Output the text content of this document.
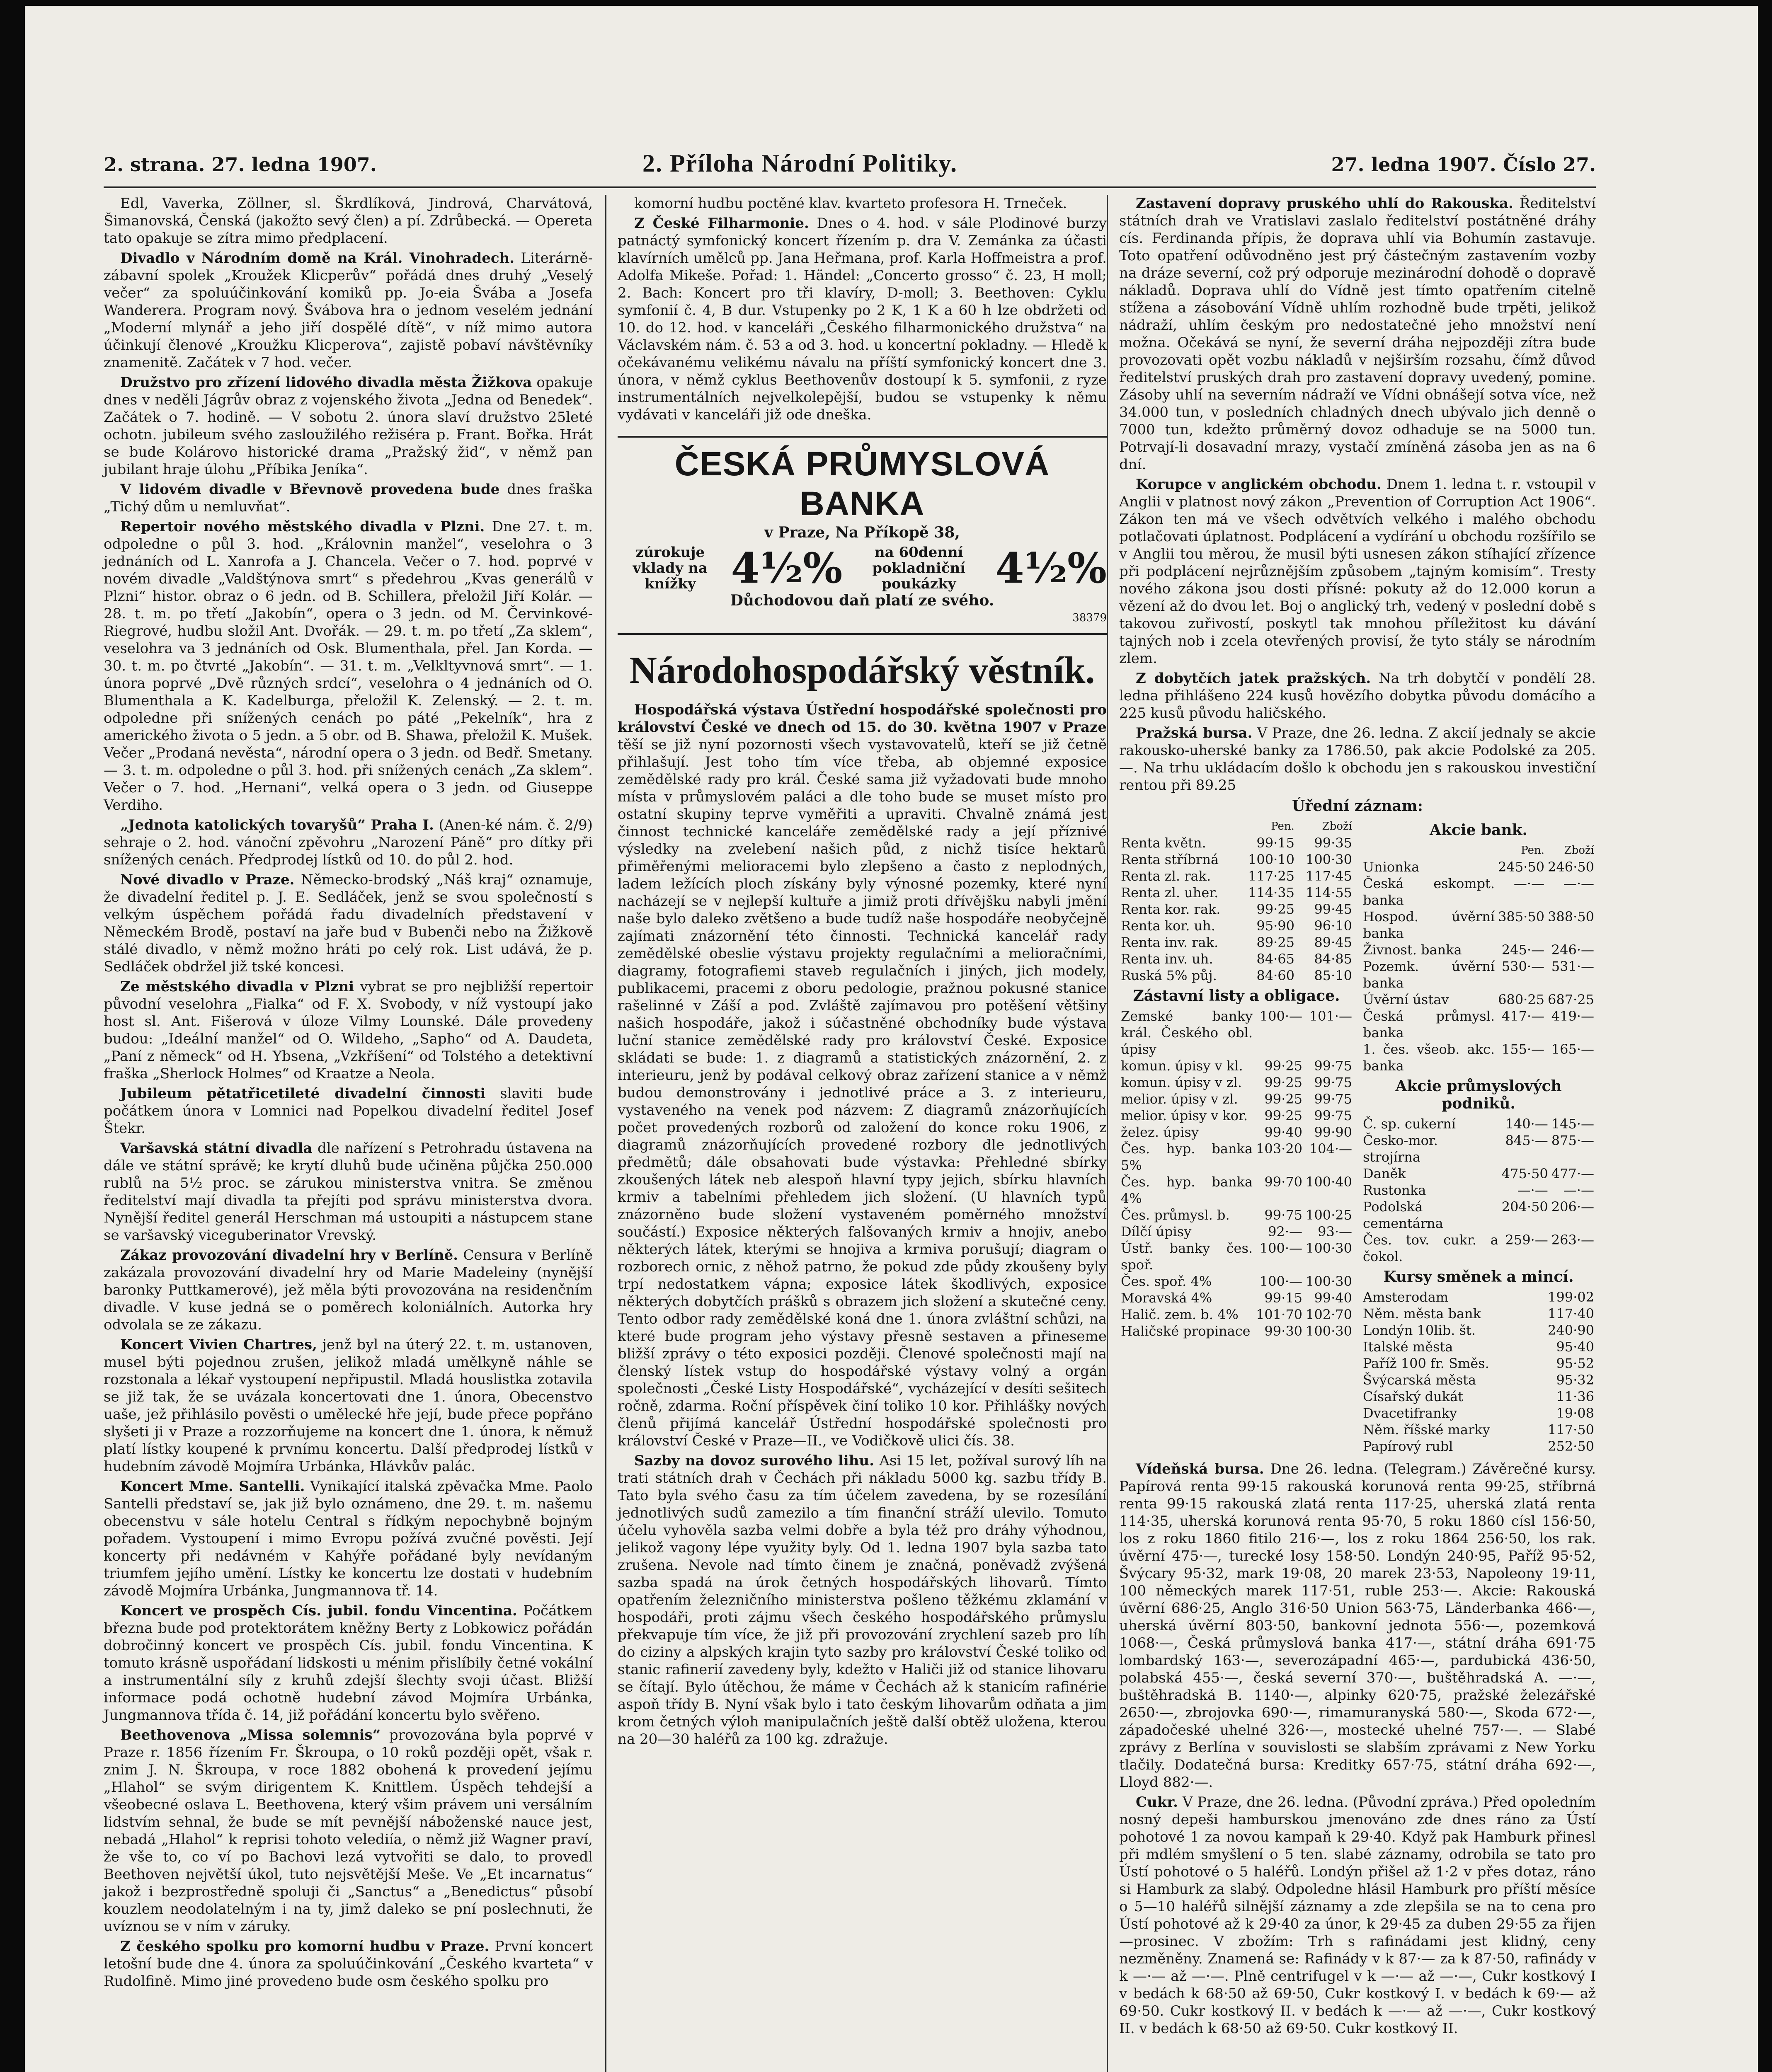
2. strana. 27. ledna 1907.	2. Příloha Národní Politiky.	27. ledna 1907. Číslo 27.

Edl, Vaverka, Zöllner, sl. Škrdlíková, Jindrová, Charvátová, Šimanovská, Čenská (jakožto sevý člen) a pí. Zdrůbecká. — Opereta tato opakuje se zítra mimo předplacení.

Divadlo v Národním domě na Král. Vinohradech. Literárně-zábavní spolek „Kroužek Klicperův“ pořádá dnes druhý „Veselý večer“ za spoluúčinkování komiků pp. Jo-eia Švába a Josefa Wanderera. Program nový. Švábova hra o jednom veselém jednání „Moderní mlynář a jeho jiří dospělé dítě“, v níž mimo autora účinkují členové „Kroužku Klicperova“, zajistě pobaví návštěvníky znamenitě. Začátek v 7 hod. večer.

Družstvo pro zřízení lidového divadla města Žižkova opakuje dnes v neděli Jágrův obraz z vojenského života „Jedna od Benedek“. Začátek o 7. hodině. — V sobotu 2. února slaví družstvo 25leté ochotn. jubileum svého zasloužilého režiséra p. Frant. Bořka. Hrát se bude Kolárovo historické drama „Pražský žid“, v němž pan jubilant hraje úlohu „Příbika Jeníka“.

V lidovém divadle v Břevnově provedena bude dnes fraška „Tichý dům u nemluvňat“.

Repertoir nového městského divadla v Plzni. Dne 27. t. m. odpoledne o půl 3. hod. „Královnin manžel“, veselohra o 3 jednáních od L. Xanrofa a J. Chancela. Večer o 7. hod. poprvé v novém divadle „Valdštýnova smrt“ s předehrou „Kvas generálů v Plzni“ histor. obraz o 6 jedn. od B. Schillera, přeložil Jiří Kolár. — 28. t. m. po třetí „Jakobín“, opera o 3 jedn. od M. Červinkové-Riegrové, hudbu složil Ant. Dvořák. — 29. t. m. po třetí „Za sklem“, veselohra va 3 jednáních od Osk. Blumenthala, přel. Jan Korda. — 30. t. m. po čtvrté „Jakobín“. — 31. t. m. „Velkltyvnová smrt“. — 1. února poprvé „Dvě různých srdcí“, veselohra o 4 jednáních od O. Blumenthala a K. Kadelburga, přeložil K. Zelenský. — 2. t. m. odpoledne při snížených cenách po páté „Pekelník“, hra z amerického života o 5 jedn. a 5 obr. od B. Shawa, přeložil K. Mušek. Večer „Prodaná nevěsta“, národní opera o 3 jedn. od Bedř. Smetany. — 3. t. m. odpoledne o půl 3. hod. při snížených cenách „Za sklem“. Večer o 7. hod. „Hernani“, velká opera o 3 jedn. od Giuseppe Verdiho.

„Jednota katolických tovaryšů“ Praha I. (Anen-ké nám. č. 2/9) sehraje o 2. hod. vánoční zpěvohru „Narození Páně“ pro dítky při snížených cenách. Předprodej lístků od 10. do půl 2. hod.

Nové divadlo v Praze. Německo-brodský „Náš kraj“ oznamuje, že divadelní ředitel p. J. E. Sedláček, jenž se svou společností s velkým úspěchem pořádá řadu divadelních představení v Německém Brodě, postaví na jaře bud v Bubenči nebo na Žižkově stálé divadlo, v němž možno hráti po celý rok. List udává, že p. Sedláček obdržel již tské koncesi.

Ze městského divadla v Plzni vybrat se pro nejbližší repertoir původní veselohra „Fialka“ od F. X. Svobody, v níž vystoupí jako host sl. Ant. Fišerová v úloze Vilmy Lounské. Dále provedeny budou: „Ideální manžel“ od O. Wildeho, „Sapho“ od A. Daudeta, „Paní z německ“ od H. Ybsena, „Vzkříšení“ od Tolstého a detektivní fraška „Sherlock Holmes“ od Kraatze a Neola.

Jubileum pětatřicetileté divadelní činnosti slaviti bude počátkem února v Lomnici nad Popelkou divadelní ředitel Josef Štekr.

Varšavská státní divadla dle nařízení s Petrohradu ústavena na dále ve státní správě; ke krytí dluhů bude učiněna půjčka 250.000 rublů na 5½ proc. se zárukou ministerstva vnitra. Se změnou ředitelství mají divadla ta přejíti pod správu ministerstva dvora. Nynější ředitel generál Herschman má ustoupiti a nástupcem stane se varšavský viceguberinator Vrevský.

Zákaz provozování divadelní hry v Berlíně. Censura v Berlíně zakázala provozování divadelní hry od Marie Madeleiny (nynější baronky Puttkamerové), jež měla býti provozována na residenčním divadle. V kuse jedná se o poměrech koloniálních. Autorka hry odvolala se ze zákazu.

Koncert Vivien Chartres, jenž byl na úterý 22. t. m. ustanoven, musel býti pojednou zrušen, jelikož mladá umělkyně náhle se rozstonala a lékař vystoupení nepřipustil. Mladá houslistka zotavila se již tak, že se uvázala koncertovati dne 1. února, Obecenstvo uaše, jež přihlásilo pověsti o umělecké hře její, bude přece popřáno slyšeti ji v Praze a rozzorňujeme na koncert dne 1. února, k němuž platí lístky koupené k prvnímu koncertu. Další předprodej lístků v hudebním závodě Mojmíra Urbánka, Hlávkův palác.

Koncert Mme. Santelli. Vynikající italská zpěvačka Mme. Paolo Santelli představí se, jak již bylo oznámeno, dne 29. t. m. našemu obecenstvu v sále hotelu Central s řídkým nepochybně bojným pořadem. Vystoupení i mimo Evropu požívá zvučné pověsti. Její koncerty při nedávném v Kahýře pořádané byly nevídaným triumfem jejího umění. Lístky ke koncertu lze dostati v hudebním závodě Mojmíra Urbánka, Jungmannova tř. 14.

Koncert ve prospěch Cís. jubil. fondu Vincentina. Počátkem března bude pod protektorátem kněžny Berty z Lobkowicz pořádán dobročinný koncert ve prospěch Cís. jubil. fondu Vincentina. K tomuto krásně uspořádaní lidskosti u ménim přislíbily četné vokální a instrumentální síly z kruhů zdejší šlechty svoji účast. Bližší informace podá ochotně hudební závod Mojmíra Urbánka, Jungmannova třída č. 14, již pořádání koncertu bylo svěřeno.

Beethovenova „Missa solemnis“ provozována byla poprvé v Praze r. 1856 řízením Fr. Škroupa, o 10 roků později opět, však r. znim J. N. Škroupa, v roce 1882 obohená k provedení jejímu „Hlahol“ se svým dirigentem K. Knittlem. Úspěch tehdejší a všeobecné oslava L. Beethovena, který všim právem uni versálním lidstvím sehnal, že bude se mít pevnější náboženské nauce jest, nebadá „Hlahol“ k reprisi tohoto velediía, o němž již Wagner praví, že vše to, co ví po Bachovi lezá vytvořiti se dalo, to provedl Beethoven největší úkol, tuto nejsvětější Meše. Ve „Et incarnatus“ jakož i bezprostředně spoluji či „Sanctus“ a „Benedictus“ působí kouzlem neodolatelným i na ty, jimž daleko se pní poslechnuti, že uvíznou se v ním v záruky.

Z českého spolku pro komorní hudbu v Praze. První koncert letošní bude dne 4. února za spoluúčinkování „Českého kvarteta“ v Rudolfině. Mimo jiné provedeno bude osm českého spolku pro

komorní hudbu poctěné klav. kvarteto profesora H. Trneček.

Z České Filharmonie. Dnes o 4. hod. v sále Plodinové burzy patnáctý symfonický koncert řízením p. dra V. Zemánka za účasti klavírních umělců pp. Jana Heřmana, prof. Karla Hoffmeistra a prof. Adolfa Mikeše. Pořad: 1. Händel: „Concerto grosso“ č. 23, H moll; 2. Bach: Koncert pro tři klavíry, D-moll; 3. Beethoven: Cyklu symfonií č. 4, B dur. Vstupenky po 2 K, 1 K a 60 h lze obdržeti od 10. do 12. hod. v kanceláři „Českého filharmonického družstva“ na Václavském nám. č. 53 a od 3. hod. u koncertní pokladny. — Hledě k očekávanému velikému návalu na příští symfonický koncert dne 3. února, v němž cyklus Beethovenův dostoupí k 5. symfonii, z ryze instrumentálních nejvelkolepější, budou se vstupenky k němu vydávati v kanceláři již ode dneška.

ČESKÁ PRŮMYSLOVÁ BANKA
v Praze, Na Příkopě 38,
zúrokuje vklady na knížky 4½%	na 60denní pokladniční poukázky 4½%
Důchodovou daň platí ze svého.
38379
Národohospodářský věstník.

Hospodářská výstava Ústřední hospodářské společnosti pro království České ve dnech od 15. do 30. května 1907 v Praze těší se již nyní pozornosti všech vystavovatelů, kteří se již četně přihlašují. Jest toho tím více třeba, ab objemné exposice zemědělské rady pro král. České sama již vyžadovati bude mnoho místa v průmyslovém paláci a dle toho bude se muset místo pro ostatní skupiny teprve vyměřiti a upraviti. Chvalně známá jest činnost technické kanceláře zemědělské rady a její příznivé výsledky na zvelebení našich půd, z nichž tisíce hektarů přiměřenými melioracemi bylo zlepšeno a často z neplodných, ladem ležících ploch získány byly výnosné pozemky, které nyní nacházejí se v nejlepší kultuře a jimiž proti dřívějšku nabyli jmění naše bylo daleko zvětšeno a bude tudíž naše hospodáře neobyčejně zajímati znázornění této činnosti. Technická kancelář rady zemědělské obeslie výstavu projekty regulačními a melioračními, diagramy, fotografiemi staveb regulačních i jiných, jich modely, publikacemi, pracemi z oboru pedologie, pražnou pokusné stanice rašelinné v Záší a pod. Zvláště zajímavou pro potěšení většiny našich hospodáře, jakož i súčastněné obchodníky bude výstava luční stanice zemědělské rady pro království České. Exposice skládati se bude: 1. z diagramů a statistických znázornění, 2. z interieuru, jenž by podával celkový obraz zařízení stanice a v němž budou demonstrovány i jednotlivé práce a 3. z interieuru, vystaveného na venek pod názvem: Z diagramů znázorňujících počet provedených rozborů od založení do konce roku 1906, z diagramů znázorňujících provedené rozbory dle jednotlivých předmětů; dále obsahovati bude výstavka: Přehledné sbírky zkoušených látek neb alespoň hlavní typy jejich, sbírku hlavních krmiv a tabelními přehledem jich složení. (U hlavních typů znázorněno bude složení vystaveném poměrného množství součástí.) Exposice některých falšovaných krmiv a hnojiv, anebo některých látek, kterými se hnojiva a krmiva porušují; diagram o rozborech ornic, z něhož patrno, že pokud zde půdy zkoušeny byly trpí nedostatkem vápna; exposice látek škodlivých, exposice některých dobytčích prášků s obrazem jich složení a skutečné ceny. Tento odbor rady zemědělské koná dne 1. února zvláštní schůzi, na které bude program jeho výstavy přesně sestaven a přineseme bližší zprávy o této exposici později. Členové společnosti mají na členský lístek vstup do hospodářské výstavy volný a orgán společnosti „České Listy Hospodářské“, vycházející v desíti sešitech ročně, zdarma. Roční příspěvek činí toliko 10 kor. Přihlášky nových členů přijímá kancelář Ústřední hospodářské společnosti pro království České v Praze—II., ve Vodičkově ulici čís. 38.

Sazby na dovoz surového lihu. Asi 15 let, požíval surový líh na trati státních drah v Čechách při nákladu 5000 kg. sazbu třídy B. Tato byla svého času za tím účelem zavedena, by se rozesílání jednotlivých sudů zamezilo a tím finanční stráží ulevilo. Tomuto účelu vyhověla sazba velmi dobře a byla též pro dráhy výhodnou, jelikož vagony lépe využity byly. Od 1. ledna 1907 byla sazba tato zrušena. Nevole nad tímto činem je značná, poněvadž zvýšená sazba spadá na úrok četných hospodářských lihovarů. Tímto opatřením železničního ministerstva pošleno těžkému zklamání v hospodáři, proti zájmu všech českého hospodářského průmyslu překvapuje tím více, že již při provozování zrychlení sazeb pro líh do ciziny a alpských krajin tyto sazby pro království České toliko od stanic rafinerií zavedeny byly, kdežto v Haliči již od stanice lihovaru se čítají. Bylo útěchou, že máme v Čechách až k stanicím rafinérie aspoň třídy B. Nyní však bylo i tato českým lihovarům odňata a jim krom četných výloh manipulačních ještě další obtěž uložena, kterou na 20—30 haléřů za 100 kg. zdražuje.

Zastavení dopravy pruského uhlí do Rakouska. Ředitelství státních drah ve Vratislavi zaslalo ředitelství postátněné dráhy cís. Ferdinanda přípis, že doprava uhlí via Bohumín zastavuje. Toto opatření odůvodněno jest prý částečným zastavením vozby na dráze severní, což prý odporuje mezinárodní dohodě o dopravě nákladů. Doprava uhlí do Vídně jest tímto opatřením citelně stížena a zásobování Vídně uhlím rozhodně bude trpěti, jelikož nádraží, uhlím českým pro nedostatečné jeho množství není možna. Očekává se nyní, že severní dráha nejpozději zítra bude provozovati opět vozbu nákladů v nejširším rozsahu, čímž důvod ředitelství pruských drah pro zastavení dopravy uvedený, pomine. Zásoby uhlí na severním nádraží ve Vídni obnášejí sotva více, než 34.000 tun, v posledních chladných dnech ubývalo jich denně o 7000 tun, kdežto průměrný dovoz odhaduje se na 5000 tun. Potrvají-li dosavadní mrazy, vystačí zmíněná zásoba jen as na 6 dní.

Korupce v anglickém obchodu. Dnem 1. ledna t. r. vstoupil v Anglii v platnost nový zákon „Prevention of Corruption Act 1906“. Zákon ten má ve všech odvětvích velkého i malého obchodu potlačovati úplatnost. Podplácení a vydírání u obchodu rozšířilo se v Anglii tou měrou, že musil býti usnesen zákon stíhající zřízence při podplácení nejrůznějším způsobem „tajným komisím“. Tresty nového zákona jsou dosti přísné: pokuty až do 12.000 korun a vězení až do dvou let. Boj o anglický trh, vedený v poslední době s takovou zuřivostí, poskytl tak mnohou příležitost ku dávání tajných nob i zcela otevřených provisí, že tyto stály se národním zlem.

Z dobytčích jatek pražských. Na trh dobytčí v pondělí 28. ledna přihlášeno 224 kusů hovězího dobytka původu domácího a 225 kusů původu haličského.

Pražská bursa. V Praze, dne 26. ledna. Z akcií jednaly se akcie rakousko-uherské banky za 1786.50, pak akcie Podolské za 205.—. Na trhu ukládacím došlo k obchodu jen s rakouskou investiční rentou při 89.25

Úřední záznam:
	Pen.	Zboží
Renta květn.	99·15	99·35
Renta stříbrná	100·10	100·30
Renta zl. rak.	117·25	117·45
Renta zl. uher.	114·35	114·55
Renta kor. rak.	99·25	99·45
Renta kor. uh.	95·90	96·10
Renta inv. rak.	89·25	89·45
Renta inv. uh.	84·65	84·85
Ruská 5% půj.	84·60	85·10
Zástavní listy a obligace.
Zemské banky král. Českého obl. úpisy	100·—	101·—
komun. úpisy v kl.	99·25	99·75
komun. úpisy v zl.	99·25	99·75
melior. úpisy v zl.	99·25	99·75
melior. úpisy v kor.	99·25	99·75
želez. úpisy	99·40	99·90
Čes. hyp. banka 5%	103·20	104·—
Čes. hyp. banka 4%	99·70	100·40
Čes. průmysl. b.	99·75	100·25
Dílčí úpisy	92·—	93·—
Ústř. banky čes. spoř.	100·—	100·30
Čes. spoř. 4%	100·—	100·30
Moravská 4%	99·15	99·40
Halič. zem. b. 4%	101·70	102·70
Haličské propinace	99·30	100·30
Akcie bank.
	Pen.	Zboží
Unionka	245·50	246·50
Česká eskompt. banka	—·—	—·—
Hospod. úvěrní banka	385·50	388·50
Živnost. banka	245·—	246·—
Pozemk. úvěrní banka	530·—	531·—
Úvěrní ústav	680·25	687·25
Česká průmysl. banka	417·—	419·—
1. čes. všeob. akc. banka	155·—	165·—
Akcie průmyslových podniků.
Č. sp. cukerní	140·—	145·—
Česko-mor. strojírna	845·—	875·—
Daněk	475·50	477·—
Rustonka	—·—	—·—
Podolská cementárna	204·50	206·—
Čes. tov. cukr. a čokol.	259·—	263·—
Kursy směnek a mincí.
Amsterodam	199·02
Něm. města bank	117·40
Londýn 10lib. št.	240·90
Italské města	95·40
Paříž 100 fr. Směs.	95·52
Švýcarská města	95·32
Císařský dukát	11·36
Dvacetifranky	19·08
Něm. říšské marky	117·50
Papírový rubl	252·50

Vídeňská bursa. Dne 26. ledna. (Telegram.) Závěrečné kursy. Papírová renta 99·15 rakouská korunová renta 99·25, stříbrná renta 99·15 rakouská zlatá renta 117·25, uherská zlatá renta 114·35, uherská korunová renta 95·70, 5 roku 1860 císl 156·50, los z roku 1860 fitilo 216·—, los z roku 1864 256·50, los rak. úvěrní 475·—, turecké losy 158·50. Londýn 240·95, Paříž 95·52, Švýcary 95·32, mark 19·08, 20 marek 23·53, Napoleony 19·11, 100 německých marek 117·51, ruble 253·—. Akcie: Rakouská úvěrní 686·25, Anglo 316·50 Union 563·75, Länderbanka 466·—, uherská úvěrní 803·50, bankovní jednota 556·—, pozemková 1068·—, Česká průmyslová banka 417·—, státní dráha 691·75 lombardský 163·—, severozápadní 465·—, pardubická 436·50, polabská 455·—, česká severní 370·—, buštěhradská A. —·—, buštěhradská B. 1140·—, alpinky 620·75, pražské železářské 2650·—, zbrojovka 690·—, rimamuranyská 580·—, Skoda 672·—, západočeské uhelné 326·—, mostecké uhelné 757·—. — Slabé zprávy z Berlína v souvislosti se slabším zprávami z New Yorku tlačily. Dodatečná bursa: Kreditky 657·75, státní dráha 692·—, Lloyd 882·—.

Cukr. V Praze, dne 26. ledna. (Původní zpráva.) Před opoledním nosný depeši hamburskou jmenováno zde dnes ráno za Ústí pohotové 1 za novou kampaň k 29·40. Když pak Hamburk přinesl při mdlém smyšlení o 5 ten. slabé záznamy, odrobila se tato pro Ústí pohotové o 5 haléřů. Londýn přišel až 1·2 v přes dotaz, ráno si Hamburk za slabý. Odpoledne hlásil Hamburk pro příští měsíce o 5—10 haléřů silnější záznamy a zde zlepšila se na to cena pro Ústí pohotové až k 29·40 za únor, k 29·45 za duben 29·55 za řijen—prosinec. V zbožím: Trh s rafinádami jest klidný, ceny nezměněny. Znamená se: Rafinády v k 87·— za k 87·50, rafinády v k —·— až —·—. Plně centrifugel v k —·— až —·—, Cukr kostkový I v bedách k 68·50 až 69·50, Cukr kostkový I. v bedách k 69·— až 69·50. Cukr kostkový II. v bedách k —·— až —·—, Cukr kostkový II. v bedách k 68·50 až 69·50. Cukr kostkový II.
